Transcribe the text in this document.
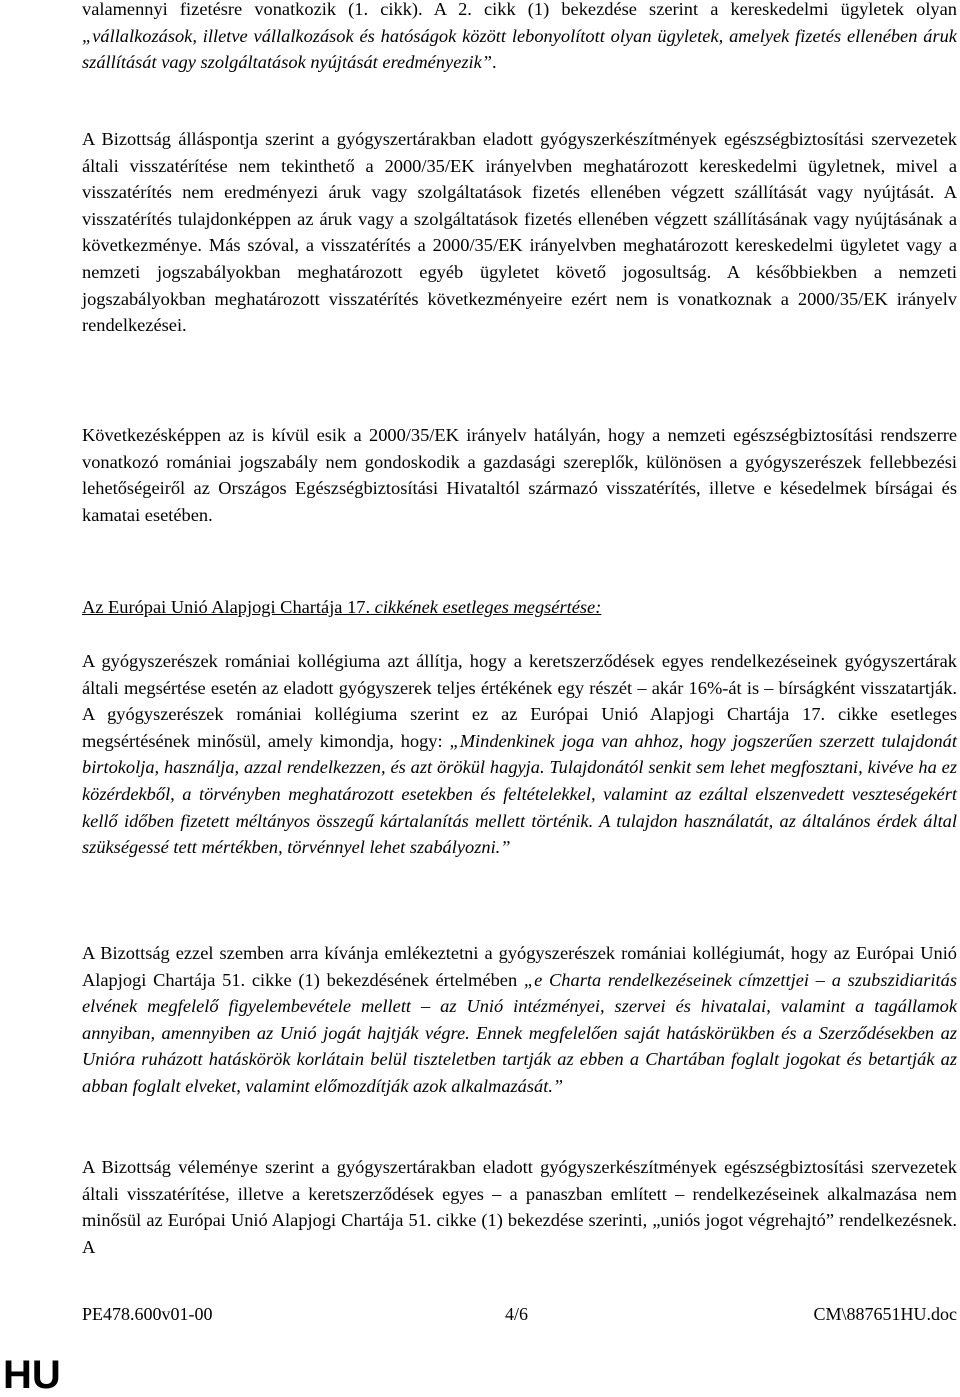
valamennyi fizetésre vonatkozik (1. cikk). A 2. cikk (1) bekezdése szerint a kereskedelmi ügyletek olyan „vállalkozások, illetve vállalkozások és hatóságok között lebonyolított olyan ügyletek, amelyek fizetés ellenében áruk szállítását vagy szolgáltatások nyújtását eredményezik”.

A Bizottság álláspontja szerint a gyógyszertárakban eladott gyógyszerkészítmények egészségbiztosítási szervezetek általi visszatérítése nem tekinthető a 2000/35/EK irányelvben meghatározott kereskedelmi ügyletnek, mivel a visszatérítés nem eredményezi áruk vagy szolgáltatások fizetés ellenében végzett szállítását vagy nyújtását. A visszatérítés tulajdonképpen az áruk vagy a szolgáltatások fizetés ellenében végzett szállításának vagy nyújtásának a következménye. Más szóval, a visszatérítés a 2000/35/EK irányelvben meghatározott kereskedelmi ügyletet vagy a nemzeti jogszabályokban meghatározott egyéb ügyletet követő jogosultság. A későbbiekben a nemzeti jogszabályokban meghatározott visszatérítés következményeire ezért nem is vonatkoznak a 2000/35/EK irányelv rendelkezései.

Következésképpen az is kívül esik a 2000/35/EK irányelv hatályán, hogy a nemzeti egészségbiztosítási rendszerre vonatkozó romániai jogszabály nem gondoskodik a gazdasági szereplők, különösen a gyógyszerészek fellebbezési lehetőségeiről az Országos Egészségbiztosítási Hivataltól származó visszatérítés, illetve e késedelmek bírságai és kamatai esetében.

Az Európai Unió Alapjogi Chartája 17. cikkének esetleges megsértése:

A gyógyszerészek romániai kollégiuma azt állítja, hogy a keretszerződések egyes rendelkezéseinek gyógyszertárak általi megsértése esetén az eladott gyógyszerek teljes értékének egy részét – akár 16%-át is – bírságként visszatartják. A gyógyszerészek romániai kollégiuma szerint ez az Európai Unió Alapjogi Chartája 17. cikke esetleges megsértésének minősül, amely kimondja, hogy: „Mindenkinek joga van ahhoz, hogy jogszerűen szerzett tulajdonát birtokolja, használja, azzal rendelkezzen, és azt örökül hagyja. Tulajdonától senkit sem lehet megfosztani, kivéve ha ez közérdekből, a törvényben meghatározott esetekben és feltételekkel, valamint az ezáltal elszenvedett veszteségekért kellő időben fizetett méltányos összegű kártalanítás mellett történik. A tulajdon használatát, az általános érdek által szükségessé tett mértékben, törvénnyel lehet szabályozni.”

A Bizottság ezzel szemben arra kívánja emlékeztetni a gyógyszerészek romániai kollégiumát, hogy az Európai Unió Alapjogi Chartája 51. cikke (1) bekezdésének értelmében „e Charta rendelkezéseinek címzettjei – a szubszidiaritás elvének megfelelő figyelembevétele mellett – az Unió intézményei, szervei és hivatalai, valamint a tagállamok annyiban, amennyiben az Unió jogát hajtják végre. Ennek megfelelően saját hatáskörükben és a Szerződésekben az Unióra ruházott hatáskörök korlátain belül tiszteletben tartják az ebben a Chartában foglalt jogokat és betartják az abban foglalt elveket, valamint előmozdítják azok alkalmazását.”

A Bizottság véleménye szerint a gyógyszertárakban eladott gyógyszerkészítmények egészségbiztosítási szervezetek általi visszatérítése, illetve a keretszerződések egyes – a panaszban említett – rendelkezéseinek alkalmazása nem minősül az Európai Unió Alapjogi Chartája 51. cikke (1) bekezdése szerinti, „uniós jogot végrehajtó” rendelkezésnek. A

PE478.600v01-00	4/6	CM\887651HU.doc
HU
